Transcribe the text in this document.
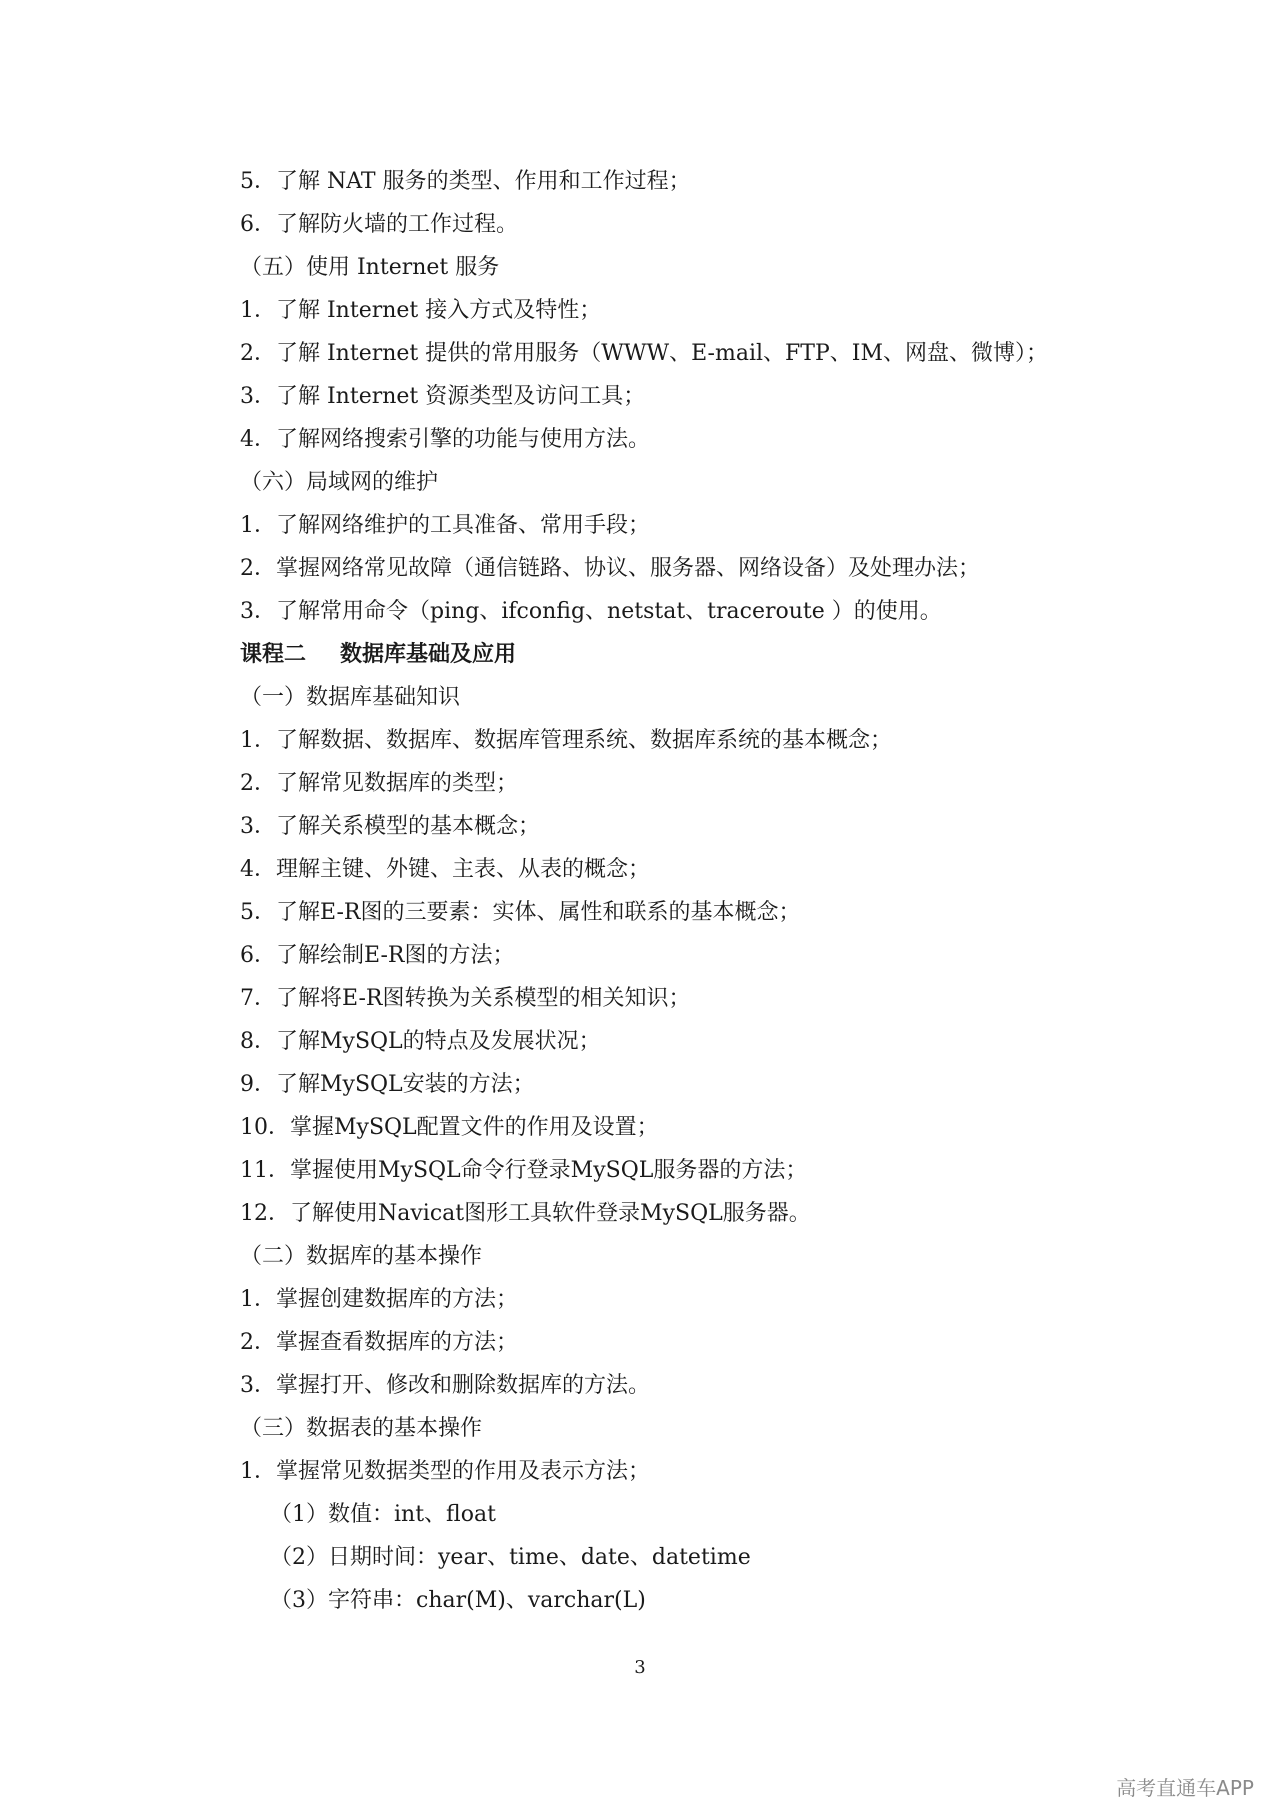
5．了解 NAT 服务的类型、作用和工作过程；
6．了解防火墙的工作过程。
（五）使用 Internet 服务
1．了解 Internet 接入方式及特性；
2．了解 Internet 提供的常用服务（WWW、E-mail、FTP、IM、网盘、微博）；
3．了解 Internet 资源类型及访问工具；
4．了解网络搜索引擎的功能与使用方法。
（六）局域网的维护
1．了解网络维护的工具准备、常用手段；
2．掌握网络常见故障（通信链路、协议、服务器、网络设备）及处理办法；
3．了解常用命令（ping、ifconfig、netstat、traceroute ）的使用。
课程二 数据库基础及应用
（一）数据库基础知识
1．了解数据、数据库、数据库管理系统、数据库系统的基本概念；
2．了解常见数据库的类型；
3．了解关系模型的基本概念；
4．理解主键、外键、主表、从表的概念；
5．了解E-R图的三要素：实体、属性和联系的基本概念；
6．了解绘制E-R图的方法；
7．了解将E-R图转换为关系模型的相关知识；
8．了解MySQL的特点及发展状况；
9．了解MySQL安装的方法；
10．掌握MySQL配置文件的作用及设置；
11．掌握使用MySQL命令行登录MySQL服务器的方法；
12．了解使用Navicat图形工具软件登录MySQL服务器。
（二）数据库的基本操作
1．掌握创建数据库的方法；
2．掌握查看数据库的方法；
3．掌握打开、修改和删除数据库的方法。
（三）数据表的基本操作
1．掌握常见数据类型的作用及表示方法；
（1）数值：int、float
（2）日期时间：year、time、date、datetime
（3）字符串：char(M)、varchar(L)
3
高考直通车APP
